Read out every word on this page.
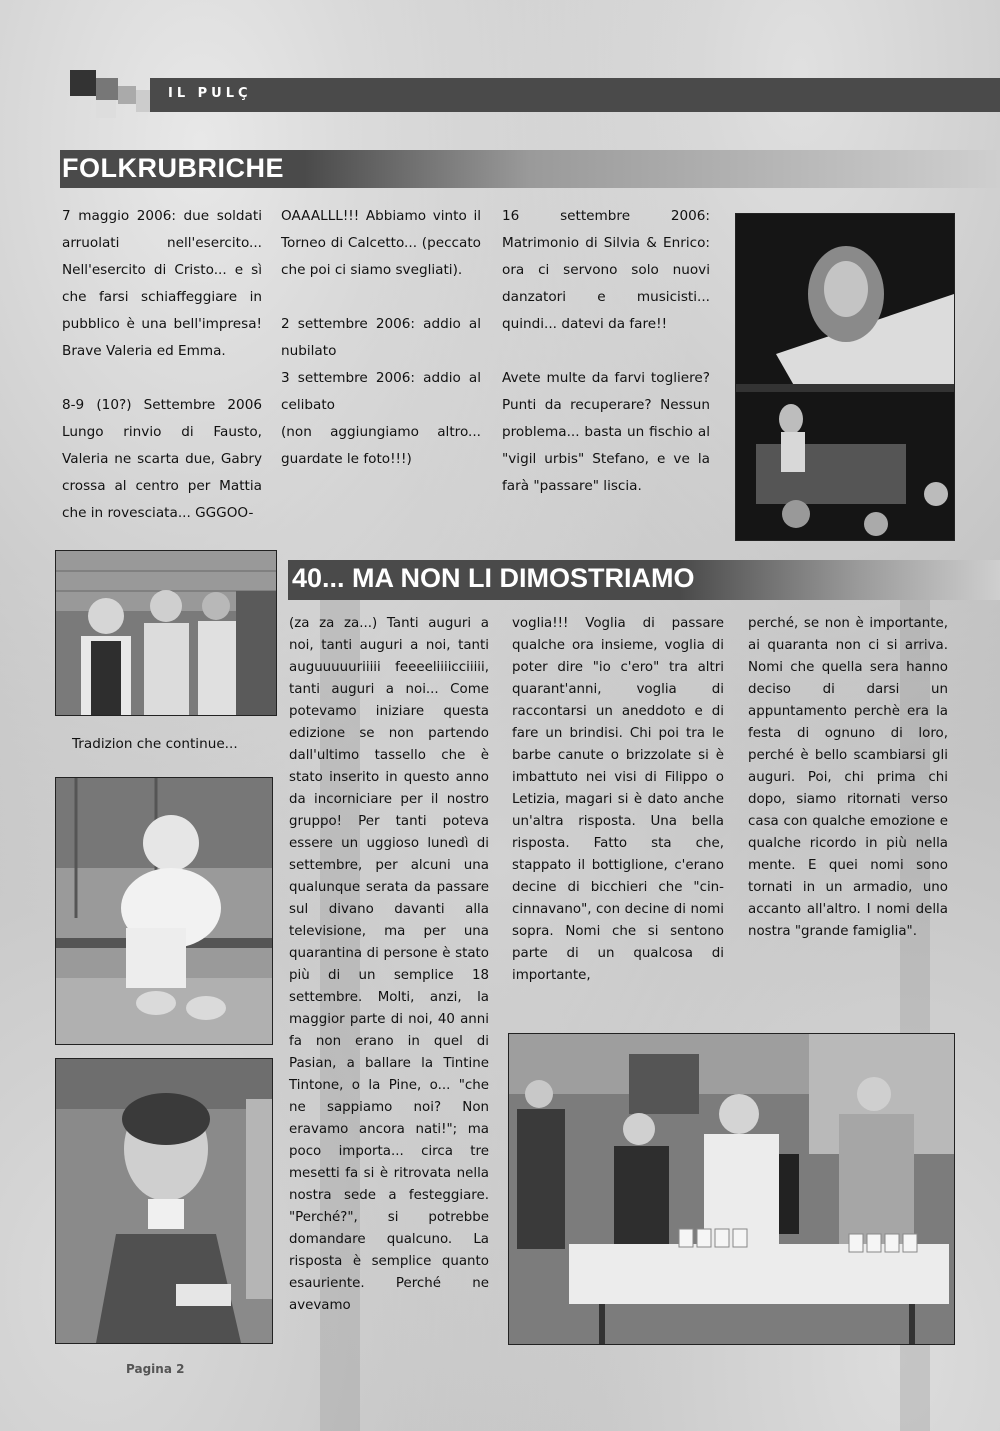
IL PULÇ
FOLKRUBRICHE

7 maggio 2006: due soldati arruolati nell'esercito... Nell'esercito di Cristo... e sì che farsi schiaffeggiare in pubblico è una bell'impresa! Brave Valeria ed Emma.

8-9 (10?) Settembre 2006 Lungo rinvio di Fausto, Valeria ne scarta due, Gabry crossa al centro per Mattia che in rovesciata... GGGOO-

OAAALLL!!! Abbiamo vinto il Torneo di Calcetto... (peccato che poi ci siamo svegliati).

2 settembre 2006: addio al nubilato

3 settembre 2006: addio al celibato

(non aggiungiamo altro... guardate le foto!!!)

16 settembre 2006: Matrimonio di Silvia & Enrico: ora ci servono solo nuovi danzatori e musicisti... quindi... datevi da fare!!

Avete multe da farvi togliere? Punti da recuperare? Nessun problema... basta un fischio al "vigil urbis" Stefano, e ve la farà "passare" liscia.

40... MA NON LI DIMOSTRIAMO
Tradizion che continue...

(za za za...) Tanti auguri a noi, tanti auguri a noi, tanti auguuuuuriiiii feeeeliiiicciiiii, tanti auguri a noi... Come potevamo iniziare questa edizione se non partendo dall'ultimo tassello che è stato inserito in questo anno da incorniciare per il nostro gruppo! Per tanti poteva essere un uggioso lunedì di settembre, per alcuni una qualunque serata da passare sul divano davanti alla televisione, ma per una quarantina di persone è stato più di un semplice 18 settembre. Molti, anzi, la maggior parte di noi, 40 anni fa non erano in quel di Pasian, a ballare la Tintine Tintone, o la Pine, o... "che ne sappiamo noi? Non eravamo ancora nati!"; ma poco importa... circa tre mesetti fa si è ritrovata nella nostra sede a festeggiare. "Perché?", si potrebbe domandare qualcuno. La risposta è semplice quanto esauriente. Perché ne avevamo

voglia!!! Voglia di passare qualche ora insieme, voglia di poter dire "io c'ero" tra altri quarant'anni, voglia di raccontarsi un aneddoto e di fare un brindisi. Chi poi tra le barbe canute o brizzolate si è imbattuto nei visi di Filippo o Letizia, magari si è dato anche un'altra risposta. Una bella risposta. Fatto sta che, stappato il bottiglione, c'erano decine di bicchieri che "cin-cinnavano", con decine di nomi sopra. Nomi che si sentono parte di un qualcosa di importante,

perché, se non è importante, ai quaranta non ci si arriva. Nomi che quella sera hanno deciso di darsi un appuntamento perchè era la festa di ognuno di loro, perché è bello scambiarsi gli auguri. Poi, chi prima chi dopo, siamo ritornati verso casa con qualche emozione e qualche ricordo in più nella mente. E quei nomi sono tornati in un armadio, uno accanto all'altro. I nomi della nostra "grande famiglia".

Pagina 2
